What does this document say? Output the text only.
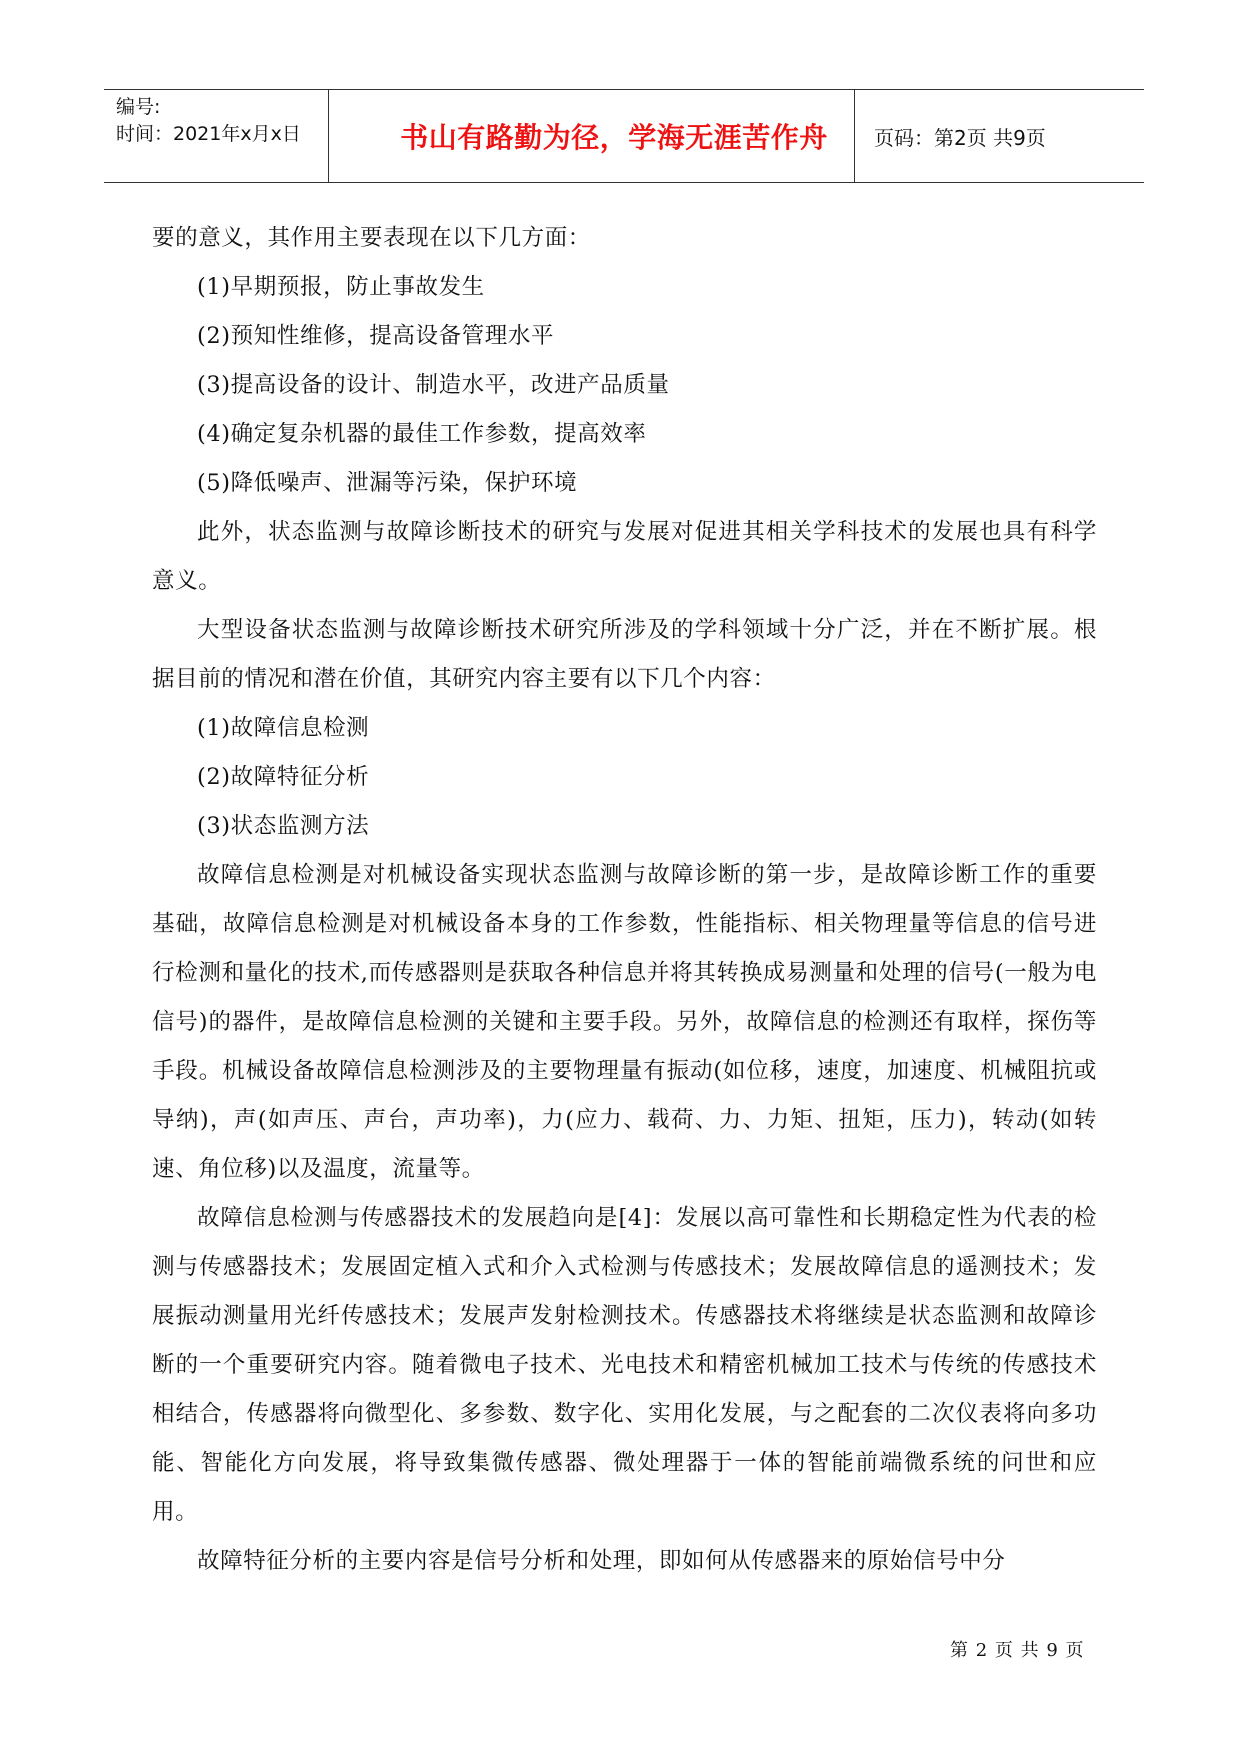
编号:
时间：2021年x月x日	书山有路勤为径，学海无涯苦作舟	页码：第2页 共9页

要的意义，其作用主要表现在以下几方面：

(1)早期预报，防止事故发生

(2)预知性维修，提高设备管理水平

(3)提高设备的设计、制造水平，改进产品质量

(4)确定复杂机器的最佳工作参数，提高效率

(5)降低噪声、泄漏等污染，保护环境

此外，状态监测与故障诊断技术的研究与发展对促进其相关学科技术的发展也具有科学意义。

大型设备状态监测与故障诊断技术研究所涉及的学科领域十分广泛，并在不断扩展。根据目前的情况和潜在价值，其研究内容主要有以下几个内容：

(1)故障信息检测

(2)故障特征分析

(3)状态监测方法

故障信息检测是对机械设备实现状态监测与故障诊断的第一步，是故障诊断工作的重要基础，故障信息检测是对机械设备本身的工作参数，性能指标、相关物理量等信息的信号进行检测和量化的技术,而传感器则是获取各种信息并将其转换成易测量和处理的信号(一般为电信号)的器件，是故障信息检测的关键和主要手段。另外，故障信息的检测还有取样，探伤等手段。机械设备故障信息检测涉及的主要物理量有振动(如位移，速度，加速度、机械阻抗或导纳)，声(如声压、声台，声功率)，力(应力、载荷、力、力矩、扭矩，压力)，转动(如转速、角位移)以及温度，流量等。

故障信息检测与传感器技术的发展趋向是[4]：发展以高可靠性和长期稳定性为代表的检测与传感器技术；发展固定植入式和介入式检测与传感技术；发展故障信息的遥测技术；发展振动测量用光纤传感技术；发展声发射检测技术。传感器技术将继续是状态监测和故障诊断的一个重要研究内容。随着微电子技术、光电技术和精密机械加工技术与传统的传感技术相结合，传感器将向微型化、多参数、数字化、实用化发展，与之配套的二次仪表将向多功能、智能化方向发展，将导致集微传感器、微处理器于一体的智能前端微系统的问世和应用。

故障特征分析的主要内容是信号分析和处理，即如何从传感器来的原始信号中分

第 2 页 共 9 页
